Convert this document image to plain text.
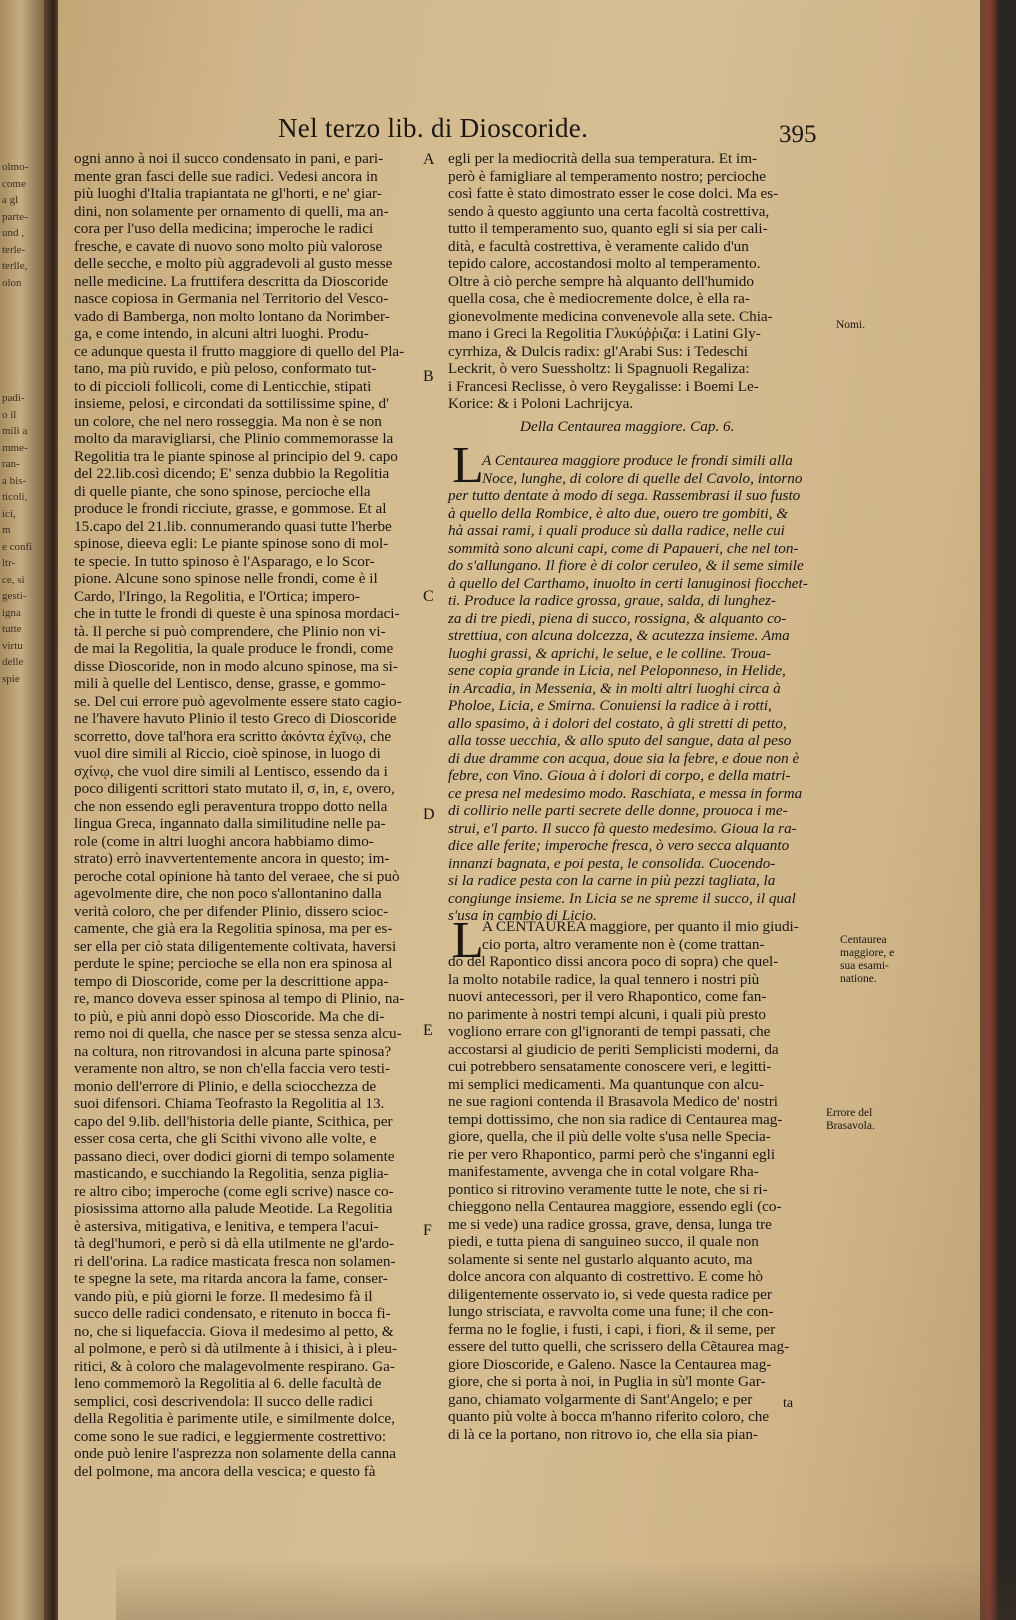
olmo-
come
a gl
parte-
und ,
terle-
terlle,
olon
padi-
o il
mili a
mme-
ran-
a bis-
ticoli,
ici,
m
e confi
ltr-
ce, si
gesti-
igna
tutte
virtu
delle
spie
Nel terzo lib. di Dioscoride.	395
ogni anno à noi il succo condensato in pani, e pari-
mente gran fasci delle sue radici. Vedesi ancora in
più luoghi d'Italia trapiantata ne gl'horti, e ne' giar-
dini, non solamente per ornamento di quelli, ma an-
cora per l'uso della medicina; imperoche le radici
fresche, e cavate di nuovo sono molto più valorose
delle secche, e molto più aggradevoli al gusto messe
nelle medicine. La fruttifera descritta da Dioscoride
nasce copiosa in Germania nel Territorio del Vesco-
vado di Bamberga, non molto lontano da Norimber-
ga, e come intendo, in alcuni altri luoghi. Produ-
ce adunque questa il frutto maggiore di quello del Pla-
tano, ma più ruvido, e più peloso, conformato tut-
to di piccioli follicoli, come di Lenticchie, stipati
insieme, pelosi, e circondati da sottilissime spine, d'
un colore, che nel nero rosseggia. Ma non è se non
molto da maravigliarsi, che Plinio commemorasse la
Regolitia tra le piante spinose al principio del 9. capo
del 22.lib.così dicendo; E' senza dubbio la Regolitia
di quelle piante, che sono spinose, percioche ella
produce le frondi ricciute, grasse, e gommose. Et al
15.capo del 21.lib. connumerando quasi tutte l'herbe
spinose, dieeva egli: Le piante spinose sono di mol-
te specie. In tutto spinoso è l'Asparago, e lo Scor-
pione. Alcune sono spinose nelle frondi, come è il
Cardo, l'Iringo, la Regolitia, e l'Ortica; impero-
che in tutte le frondi di queste è una spinosa mordaci-
tà. Il perche si può comprendere, che Plinio non vi-
de mai la Regolitia, la quale produce le frondi, come
disse Dioscoride, non in modo alcuno spinose, ma si-
mili à quelle del Lentisco, dense, grasse, e gommo-
se. Del cui errore può agevolmente essere stato cagio-
ne l'havere havuto Plinio il testo Greco di Dioscoride
scorretto, dove tal'hora era scritto ἀκόντα ἐχῖνῳ, che
vuol dire simili al Riccio, cioè spinose, in luogo di
σχίνῳ, che vuol dire simili al Lentisco, essendo da i
poco diligenti scrittori stato mutato il, σ, in, ε, overo,
che non essendo egli peraventura troppo dotto nella
lingua Greca, ingannato dalla similitudine nelle pa-
role (come in altri luoghi ancora habbiamo dimo-
strato) errò inavvertentemente ancora in questo; im-
peroche cotal opinione hà tanto del veraee, che si può
agevolmente dire, che non poco s'allontanino dalla
verità coloro, che per difender Plinio, dissero scioc-
camente, che già era la Regolitia spinosa, ma per es-
ser ella per ciò stata diligentemente coltivata, haversi
perdute le spine; percioche se ella non era spinosa al
tempo di Dioscoride, come per la descrittione appa-
re, manco doveva esser spinosa al tempo di Plinio, na-
to più, e più anni dopò esso Dioscoride. Ma che di-
remo noi di quella, che nasce per se stessa senza alcu-
na coltura, non ritrovandosi in alcuna parte spinosa?
veramente non altro, se non ch'ella faccia vero testi-
monio dell'errore di Plinio, e della sciocchezza de
suoi difensori. Chiama Teofrasto la Regolitia al 13.
capo del 9.lib. dell'historia delle piante, Scithica, per
esser cosa certa, che gli Scithi vivono alle volte, e
passano dieci, over dodici giorni di tempo solamente
masticando, e succhiando la Regolitia, senza piglia-
re altro cibo; imperoche (come egli scrive) nasce co-
piosissima attorno alla palude Meotide. La Regolitia
è astersiva, mitigativa, e lenitiva, e tempera l'acui-
tà degl'humori, e però si dà ella utilmente ne gl'ardo-
ri dell'orina. La radice masticata fresca non solamen-
te spegne la sete, ma ritarda ancora la fame, conser-
vando più, e più giorni le forze. Il medesimo fà il
succo delle radici condensato, e ritenuto in bocca fi-
no, che si liquefaccia. Giova il medesimo al petto, &
al polmone, e però si dà utilmente à i thisici, à i pleu-
ritici, & à coloro che malagevolmente respirano. Ga-
leno commemorò la Regolitia al 6. delle facultà de
semplici, così descrivendola: Il succo delle radici
della Regolitia è parimente utile, e similmente dolce,
come sono le sue radici, e leggiermente costrettivo:
onde può lenire l'asprezza non solamente della canna
del polmone, ma ancora della vescica; e questo fà
egli per la mediocrità della sua temperatura. Et im-
però è famigliare al temperamento nostro; percioche
così fatte è stato dimostrato esser le cose dolci. Ma es-
sendo à questo aggiunto una certa facoltà costrettiva,
tutto il temperamento suo, quanto egli si sia per cali-
dità, e facultà costrettiva, è veramente calido d'un
tepido calore, accostandosi molto al temperamento.
Oltre à ciò perche sempre hà alquanto dell'humido
quella cosa, che è mediocremente dolce, è ella ra-
gionevolmente medicina convenevole alla sete. Chia-
mano i Greci la Regolitia Γλυκύῤῥιζα: i Latini Gly-
cyrrhiza, & Dulcis radix: gl'Arabi Sus: i Tedeschi
Leckrit, ò vero Suessholtz: li Spagnuoli Regaliza:
i Francesi Reclisse, ò vero Reygalisse: i Boemi Le-
Korice: & i Poloni Lachrijcya.
Della Centaurea maggiore. Cap. 6.
L
A Centaurea maggiore produce le frondi simili alla
Noce, lunghe, di colore di quelle del Cavolo, intorno
per tutto dentate à modo di sega. Rassembrasi il suo fusto
à quello della Rombice, è alto due, ouero tre gombiti, &
hà assai rami, i quali produce sù dalla radice, nelle cui
sommità sono alcuni capi, come di Papaueri, che nel ton-
do s'allungano. Il fiore è di color ceruleo, & il seme simile
à quello del Carthamo, inuolto in certi lanuginosi fiocchet-
ti. Produce la radice grossa, graue, salda, di lunghez-
za di tre piedi, piena di succo, rossigna, & alquanto co-
strettiua, con alcuna dolcezza, & acutezza insieme. Ama
luoghi grassi, & aprichi, le selue, e le colline. Troua-
sene copia grande in Licia, nel Peloponneso, in Helide,
in Arcadia, in Messenia, & in molti altri luoghi circa à
Pholoe, Licia, e Smirna. Conuiensi la radice à i rotti,
allo spasimo, à i dolori del costato, à gli stretti di petto,
alla tosse uecchia, & allo sputo del sangue, data al peso
di due dramme con acqua, doue sia la febre, e doue non è
febre, con Vino. Gioua à i dolori di corpo, e della matri-
ce presa nel medesimo modo. Raschiata, e messa in forma
di collirio nelle parti secrete delle donne, prouoca i me-
strui, e'l parto. Il succo fà questo medesimo. Gioua la ra-
dice alle ferite; imperoche fresca, ò vero secca alquanto
innanzi bagnata, e poi pesta, le consolida. Cuocendo-
si la radice pesta con la carne in più pezzi tagliata, la
congiunge insieme. In Licia se ne spreme il succo, il qual
s'usa in cambio di Licio.
L
A CENTAUREA maggiore, per quanto il mio giudi-
cio porta, altro veramente non è (come trattan-
do del Rapontico dissi ancora poco di sopra) che quel-
la molto notabile radice, la qual tennero i nostri più
nuovi antecessori, per il vero Rhapontico, come fan-
no parimente à nostri tempi alcuni, i quali più presto
vogliono errare con gl'ignoranti de tempi passati, che
accostarsi al giudicio de periti Semplicisti moderni, da
cui potrebbero sensatamente conoscere veri, e legitti-
mi semplici medicamenti. Ma quantunque con alcu-
ne sue ragioni contenda il Brasavola Medico de' nostri
tempi dottissimo, che non sia radice di Centaurea mag-
giore, quella, che il più delle volte s'usa nelle Specia-
rie per vero Rhapontico, parmi però che s'inganni egli
manifestamente, avvenga che in cotal volgare Rha-
pontico si ritrovino veramente tutte le note, che si ri-
chieggono nella Centaurea maggiore, essendo egli (co-
me si vede) una radice grossa, grave, densa, lunga tre
piedi, e tutta piena di sanguineo succo, il quale non
solamente si sente nel gustarlo alquanto acuto, ma
dolce ancora con alquanto di costrettivo. E come hò
diligentemente osservato io, si vede questa radice per
lungo strisciata, e ravvolta come una fune; il che con-
ferma no le foglie, i fusti, i capi, i fiori, & il seme, per
essere del tutto quelli, che scrissero della Cẽtaurea mag-
giore Dioscoride, e Galeno. Nasce la Centaurea mag-
giore, che si porta à noi, in Puglia in sù'l monte Gar-
gano, chiamato volgarmente di Sant'Angelo; e per
quanto più volte à bocca m'hanno riferito coloro, che
di là ce la portano, non ritrovo io, che ella sia pian-
ta
A
B
C
D
E
F
Nomi.
Centaurea
maggiore, e
sua esami-
natione.
Errore del
Brasavola.
